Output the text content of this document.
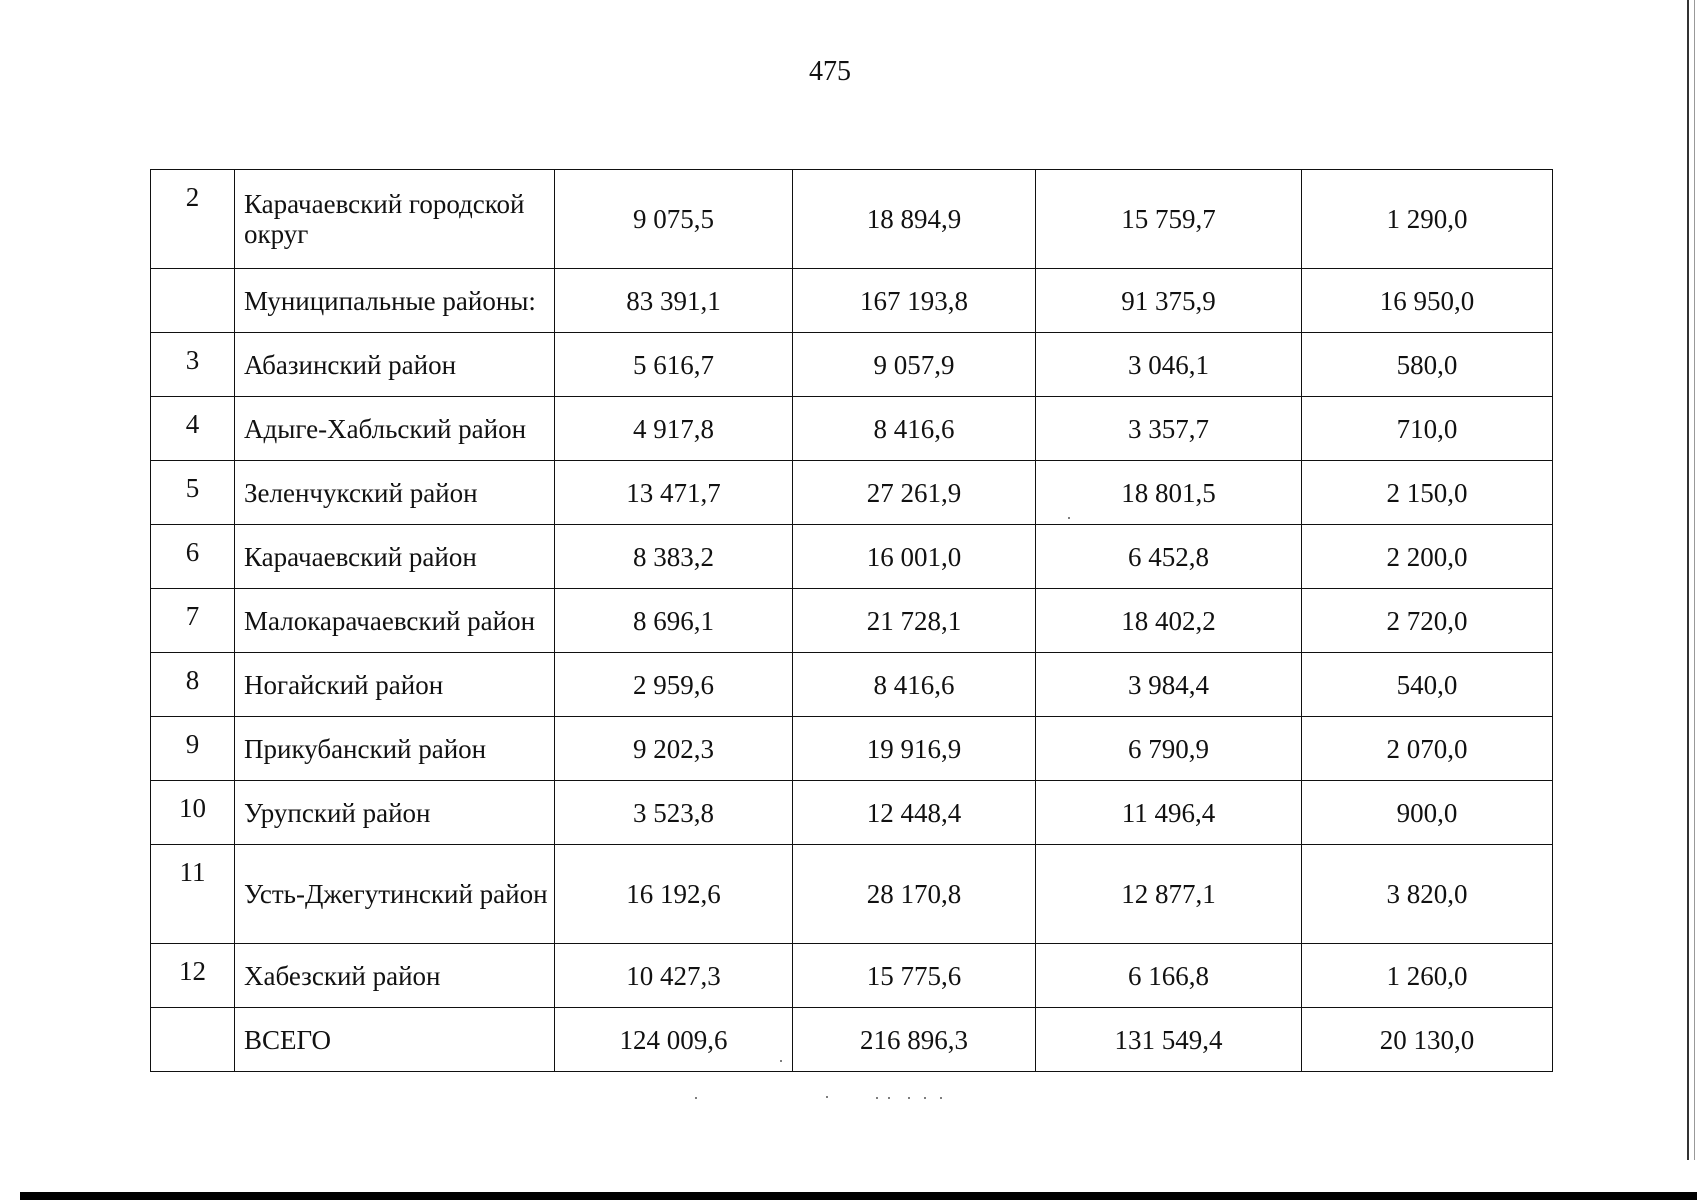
475
2	Карачаевский городской округ	9 075,5	18 894,9	15 759,7	1 290,0
	Муниципальные районы:	83 391,1	167 193,8	91 375,9	16 950,0
3	Абазинский район	5 616,7	9 057,9	3 046,1	580,0
4	Адыге-Хабльский район	4 917,8	8 416,6	3 357,7	710,0
5	Зеленчукский район	13 471,7	27 261,9	18 801,5	2 150,0
6	Карачаевский район	8 383,2	16 001,0	6 452,8	2 200,0
7	Малокарачаевский район	8 696,1	21 728,1	18 402,2	2 720,0
8	Ногайский район	2 959,6	8 416,6	3 984,4	540,0
9	Прикубанский район	9 202,3	19 916,9	6 790,9	2 070,0
10	Урупский район	3 523,8	12 448,4	11 496,4	900,0
11	Усть-Джегутинский район	16 192,6	28 170,8	12 877,1	3 820,0
12	Хабезский район	10 427,3	15 775,6	6 166,8	1 260,0
	ВСЕГО	124 009,6	216 896,3	131 549,4	20 130,0
